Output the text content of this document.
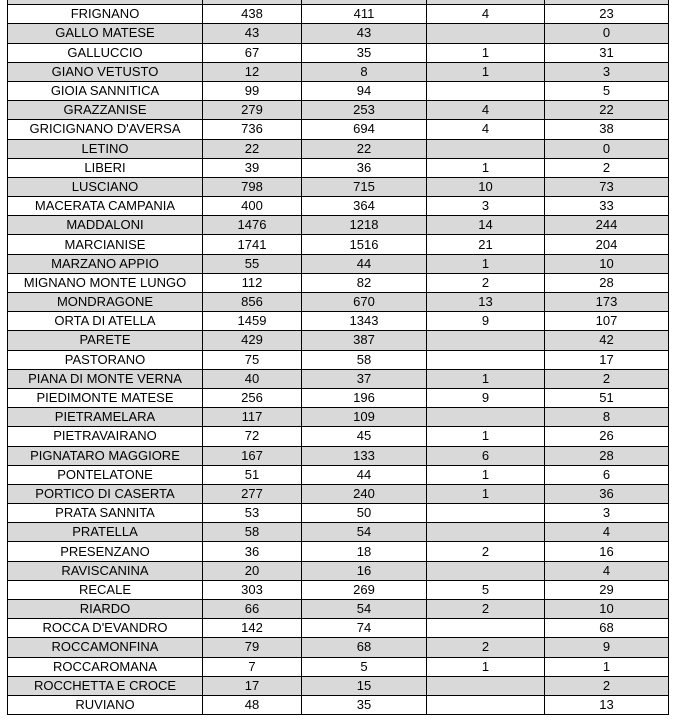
FRIGNANO	438	411	4	23
GALLO MATESE	43	43		0
GALLUCCIO	67	35	1	31
GIANO VETUSTO	12	8	1	3
GIOIA SANNITICA	99	94		5
GRAZZANISE	279	253	4	22
GRICIGNANO D'AVERSA	736	694	4	38
LETINO	22	22		0
LIBERI	39	36	1	2
LUSCIANO	798	715	10	73
MACERATA CAMPANIA	400	364	3	33
MADDALONI	1476	1218	14	244
MARCIANISE	1741	1516	21	204
MARZANO APPIO	55	44	1	10
MIGNANO MONTE LUNGO	112	82	2	28
MONDRAGONE	856	670	13	173
ORTA DI ATELLA	1459	1343	9	107
PARETE	429	387		42
PASTORANO	75	58		17
PIANA DI MONTE VERNA	40	37	1	2
PIEDIMONTE MATESE	256	196	9	51
PIETRAMELARA	117	109		8
PIETRAVAIRANO	72	45	1	26
PIGNATARO MAGGIORE	167	133	6	28
PONTELATONE	51	44	1	6
PORTICO DI CASERTA	277	240	1	36
PRATA SANNITA	53	50		3
PRATELLA	58	54		4
PRESENZANO	36	18	2	16
RAVISCANINA	20	16		4
RECALE	303	269	5	29
RIARDO	66	54	2	10
ROCCA D'EVANDRO	142	74		68
ROCCAMONFINA	79	68	2	9
ROCCAROMANA	7	5	1	1
ROCCHETTA E CROCE	17	15		2
RUVIANO	48	35		13
